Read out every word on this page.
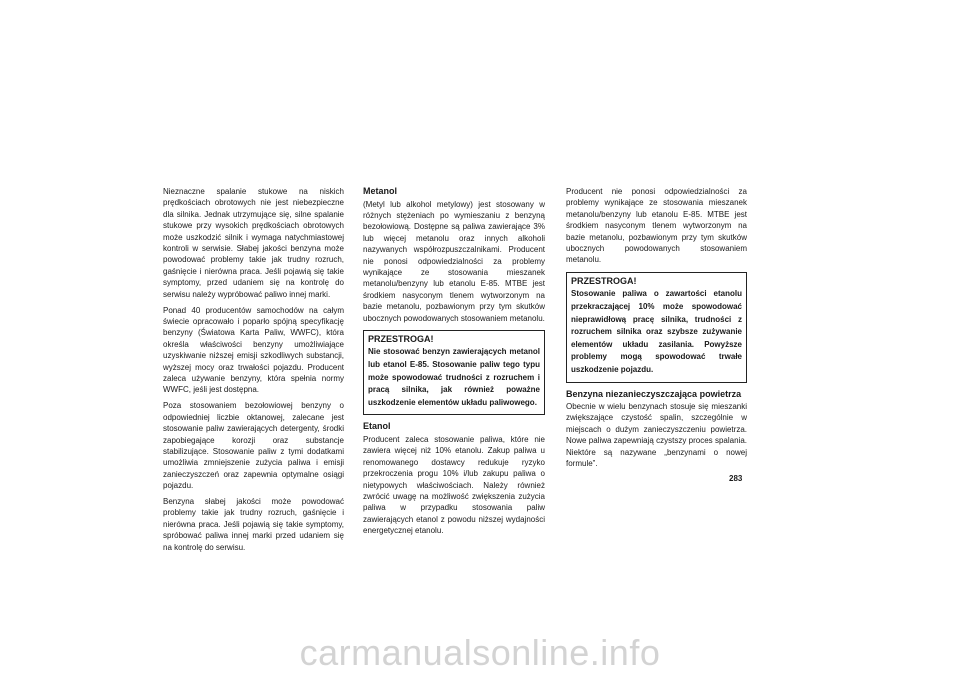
Nieznaczne spalanie stukowe na niskich prędkościach obrotowych nie jest niebezpieczne dla silnika. Jednak utrzymujące się, silne spalanie stukowe przy wysokich prędkościach obrotowych może uszkodzić silnik i wymaga natychmiastowej kontroli w serwisie. Słabej jakości benzyna może powodować problemy takie jak trudny rozruch, gaśnięcie i nierówna praca. Jeśli pojawią się takie symptomy, przed udaniem się na kontrolę do serwisu należy wypróbować paliwo innej marki.

Ponad 40 producentów samochodów na całym świecie opracowało i poparło spójną specyfikację benzyny (Światowa Karta Paliw, WWFC), która określa właściwości benzyny umożliwiające uzyskiwanie niższej emisji szkodliwych substancji, wyższej mocy oraz trwałości pojazdu. Producent zaleca używanie benzyny, która spełnia normy WWFC, jeśli jest dostępna.

Poza stosowaniem bezołowiowej benzyny o odpowiedniej liczbie oktanowej, zalecane jest stosowanie paliw zawierających detergenty, środki zapobiegające korozji oraz substancje stabilizujące. Stosowanie paliw z tymi dodatkami umożliwia zmniejszenie zużycia paliwa i emisji zanieczyszczeń oraz zapewnia optymalne osiągi pojazdu.

Benzyna słabej jakości może powodować problemy takie jak trudny rozruch, gaśnięcie i nierówna praca. Jeśli pojawią się takie symptomy, spróbować paliwa innej marki przed udaniem się na kontrolę do serwisu.

Metanol

(Metyl lub alkohol metylowy) jest stosowany w różnych stężeniach po wymieszaniu z benzyną bezołowiową. Dostępne są paliwa zawierające 3% lub więcej metanolu oraz innych alkoholi nazywanych współrozpuszczalnikami. Producent nie ponosi odpowiedzialności za problemy wynikające ze stosowania mieszanek metanolu/benzyny lub etanolu E-85. MTBE jest środkiem nasyconym tlenem wytworzonym na bazie metanolu, pozbawionym przy tym skutków ubocznych powodowanych stosowaniem metanolu.

PRZESTROGA!
Nie stosować benzyn zawierających metanol lub etanol E-85. Stosowanie paliw tego typu może spowodować trudności z rozruchem i pracą silnika, jak również poważne uszkodzenie elementów układu paliwowego.
Etanol

Producent zaleca stosowanie paliwa, które nie zawiera więcej niż 10% etanolu. Zakup paliwa u renomowanego dostawcy redukuje ryzyko przekroczenia progu 10% i/lub zakupu paliwa o nietypowych właściwościach. Należy również zwrócić uwagę na możliwość zwiększenia zużycia paliwa w przypadku stosowania paliw zawierających etanol z powodu niższej wydajności energetycznej etanolu.

Producent nie ponosi odpowiedzialności za problemy wynikające ze stosowania mieszanek metanolu/benzyny lub etanolu E-85. MTBE jest środkiem nasyconym tlenem wytworzonym na bazie metanolu, pozbawionym przy tym skutków ubocznych powodowanych stosowaniem metanolu.

PRZESTROGA!
Stosowanie paliwa o zawartości etanolu przekraczającej 10% może spowodować nieprawidłową pracę silnika, trudności z rozruchem silnika oraz szybsze zużywanie elementów układu zasilania. Powyższe problemy mogą spowodować trwałe uszkodzenie pojazdu.
Benzyna niezanieczyszczająca powietrza

Obecnie w wielu benzynach stosuje się mieszanki zwiększające czystość spalin, szczególnie w miejscach o dużym zanieczyszczeniu powietrza. Nowe paliwa zapewniają czystszy proces spalania. Niektóre są nazywane „benzynami o nowej formule”.

283
carmanualsonline.info
